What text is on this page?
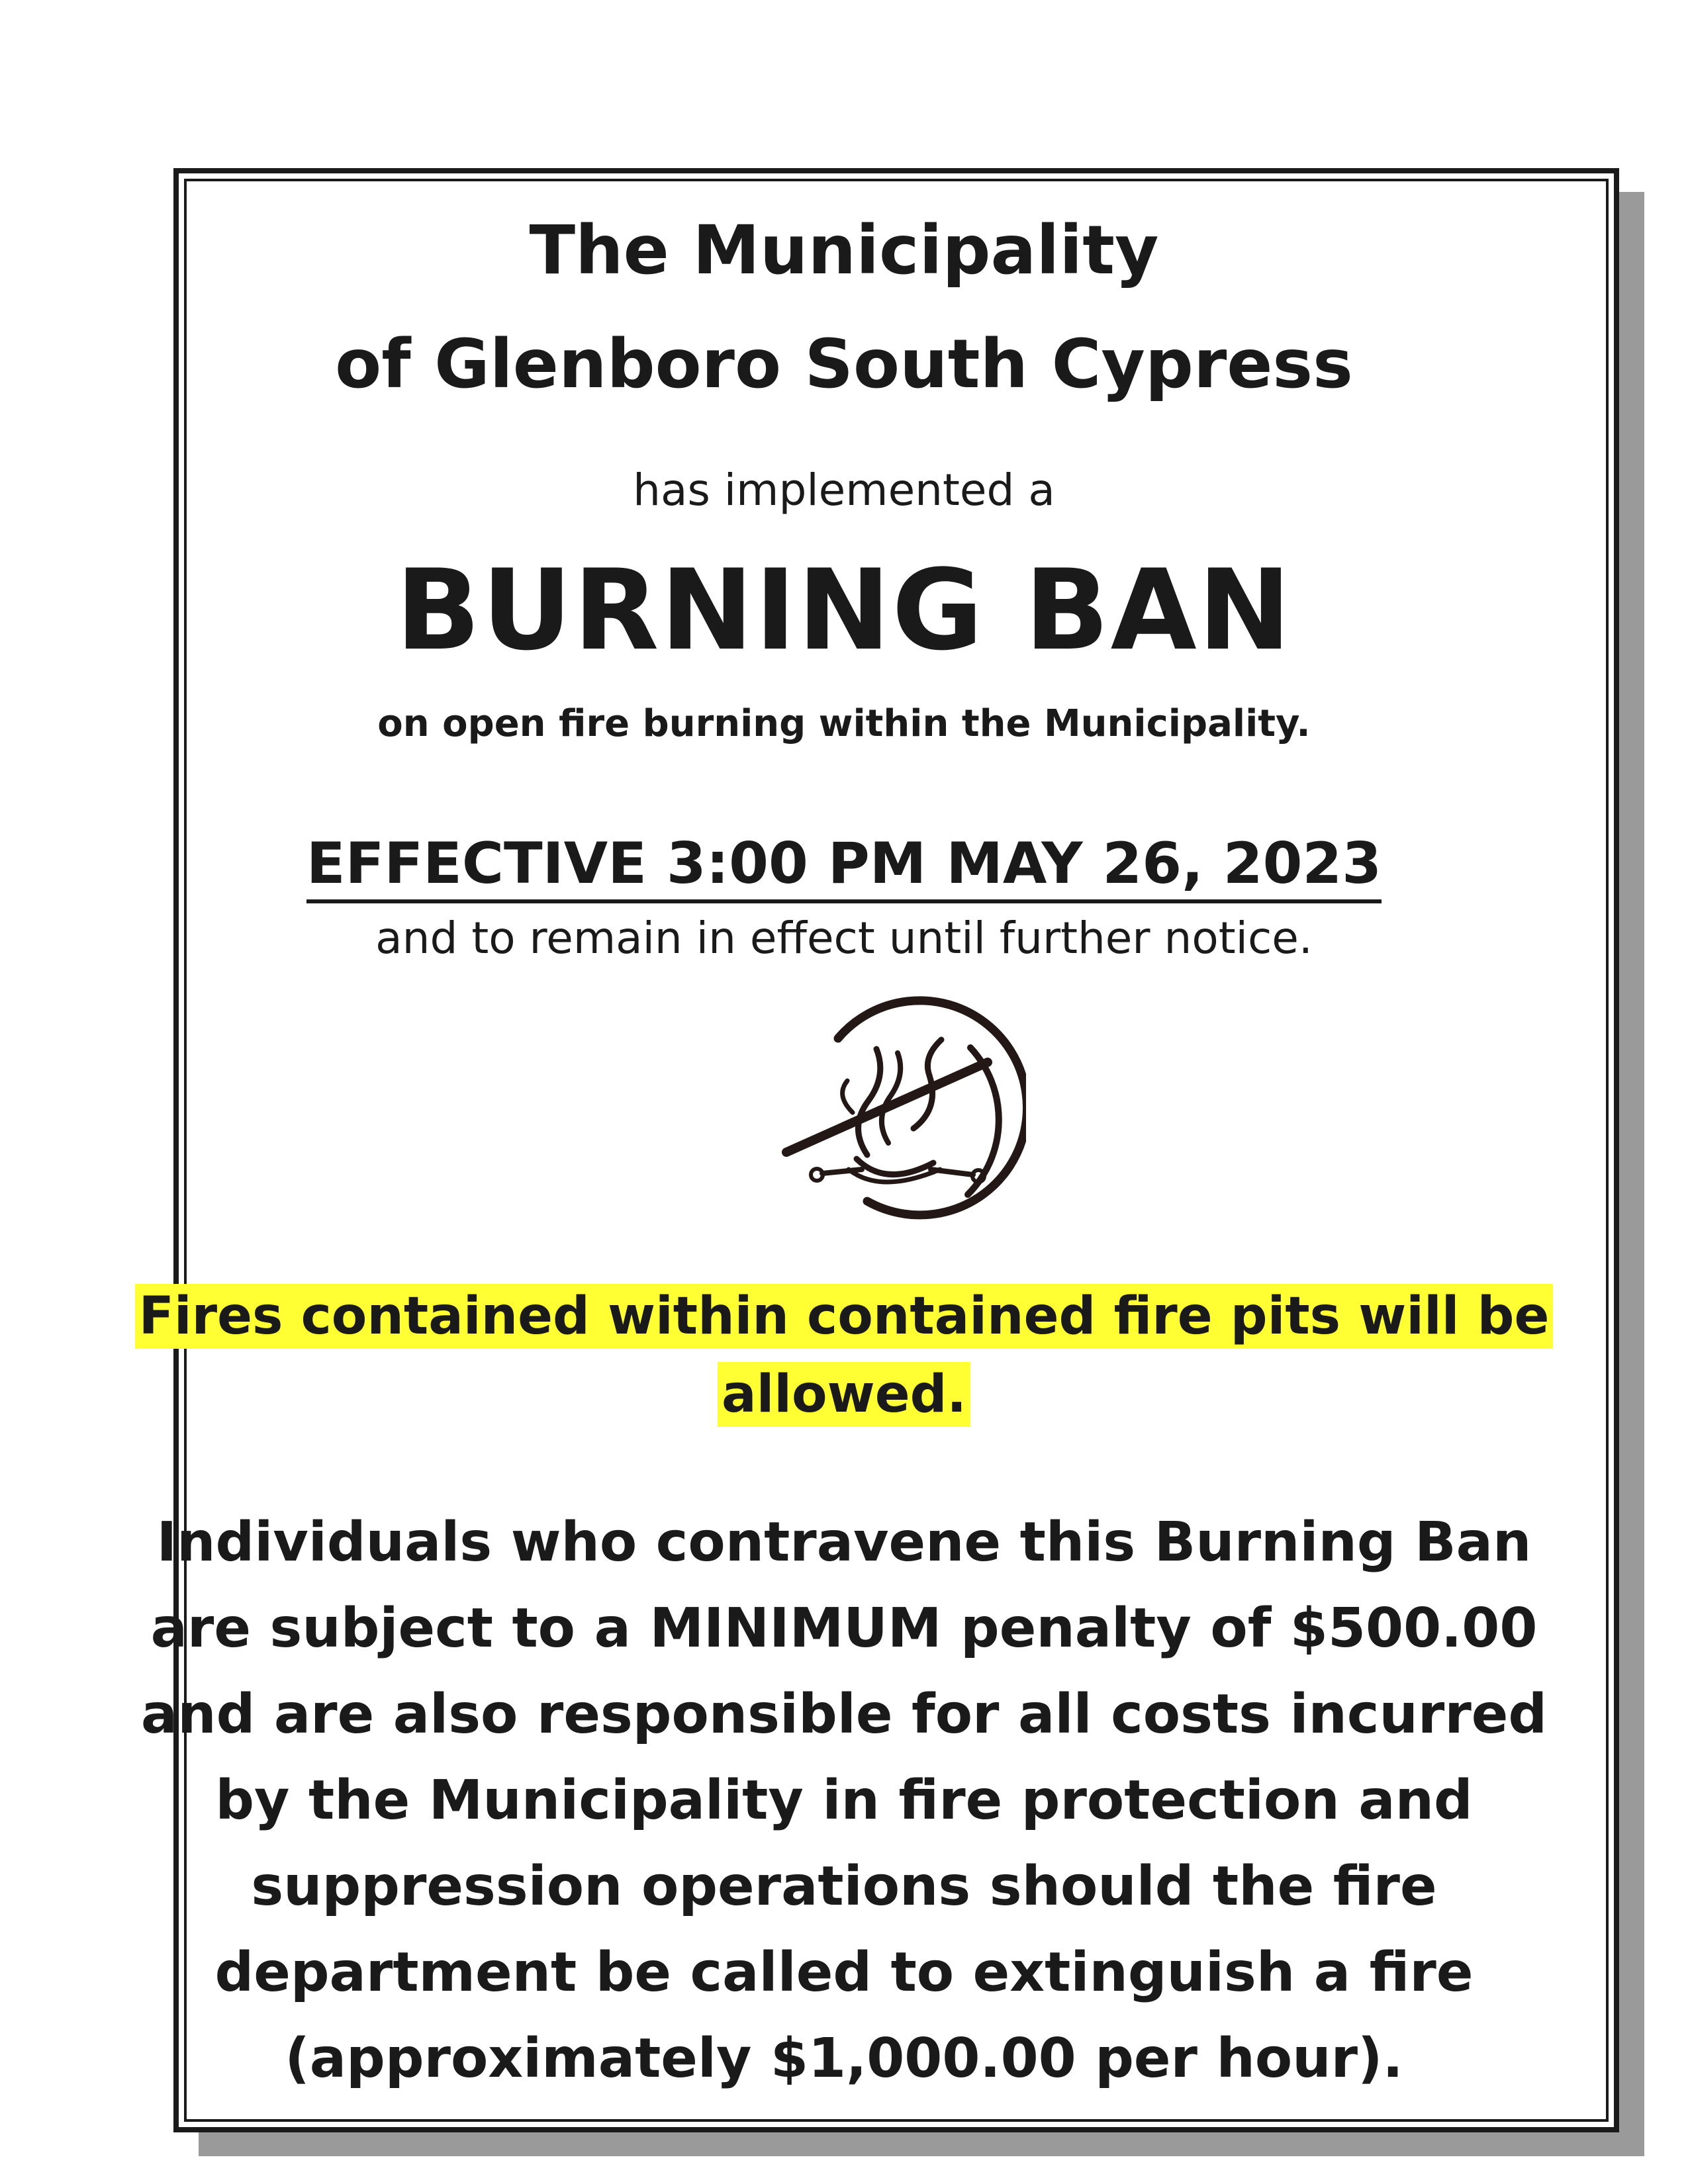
The Municipality
of Glenboro South Cypress
has implemented a
BURNING BAN
on open fire burning within the Municipality.
EFFECTIVE 3:00 PM MAY 26, 2023
and to remain in effect until further notice.
Fires contained within contained fire pits will be
allowed.
Individuals who contravene this Burning Ban
are subject to a MINIMUM penalty of $500.00
and are also responsible for all costs incurred
by the Municipality in fire protection and
suppression operations should the fire
department be called to extinguish a fire
(approximately $1,000.00 per hour).
